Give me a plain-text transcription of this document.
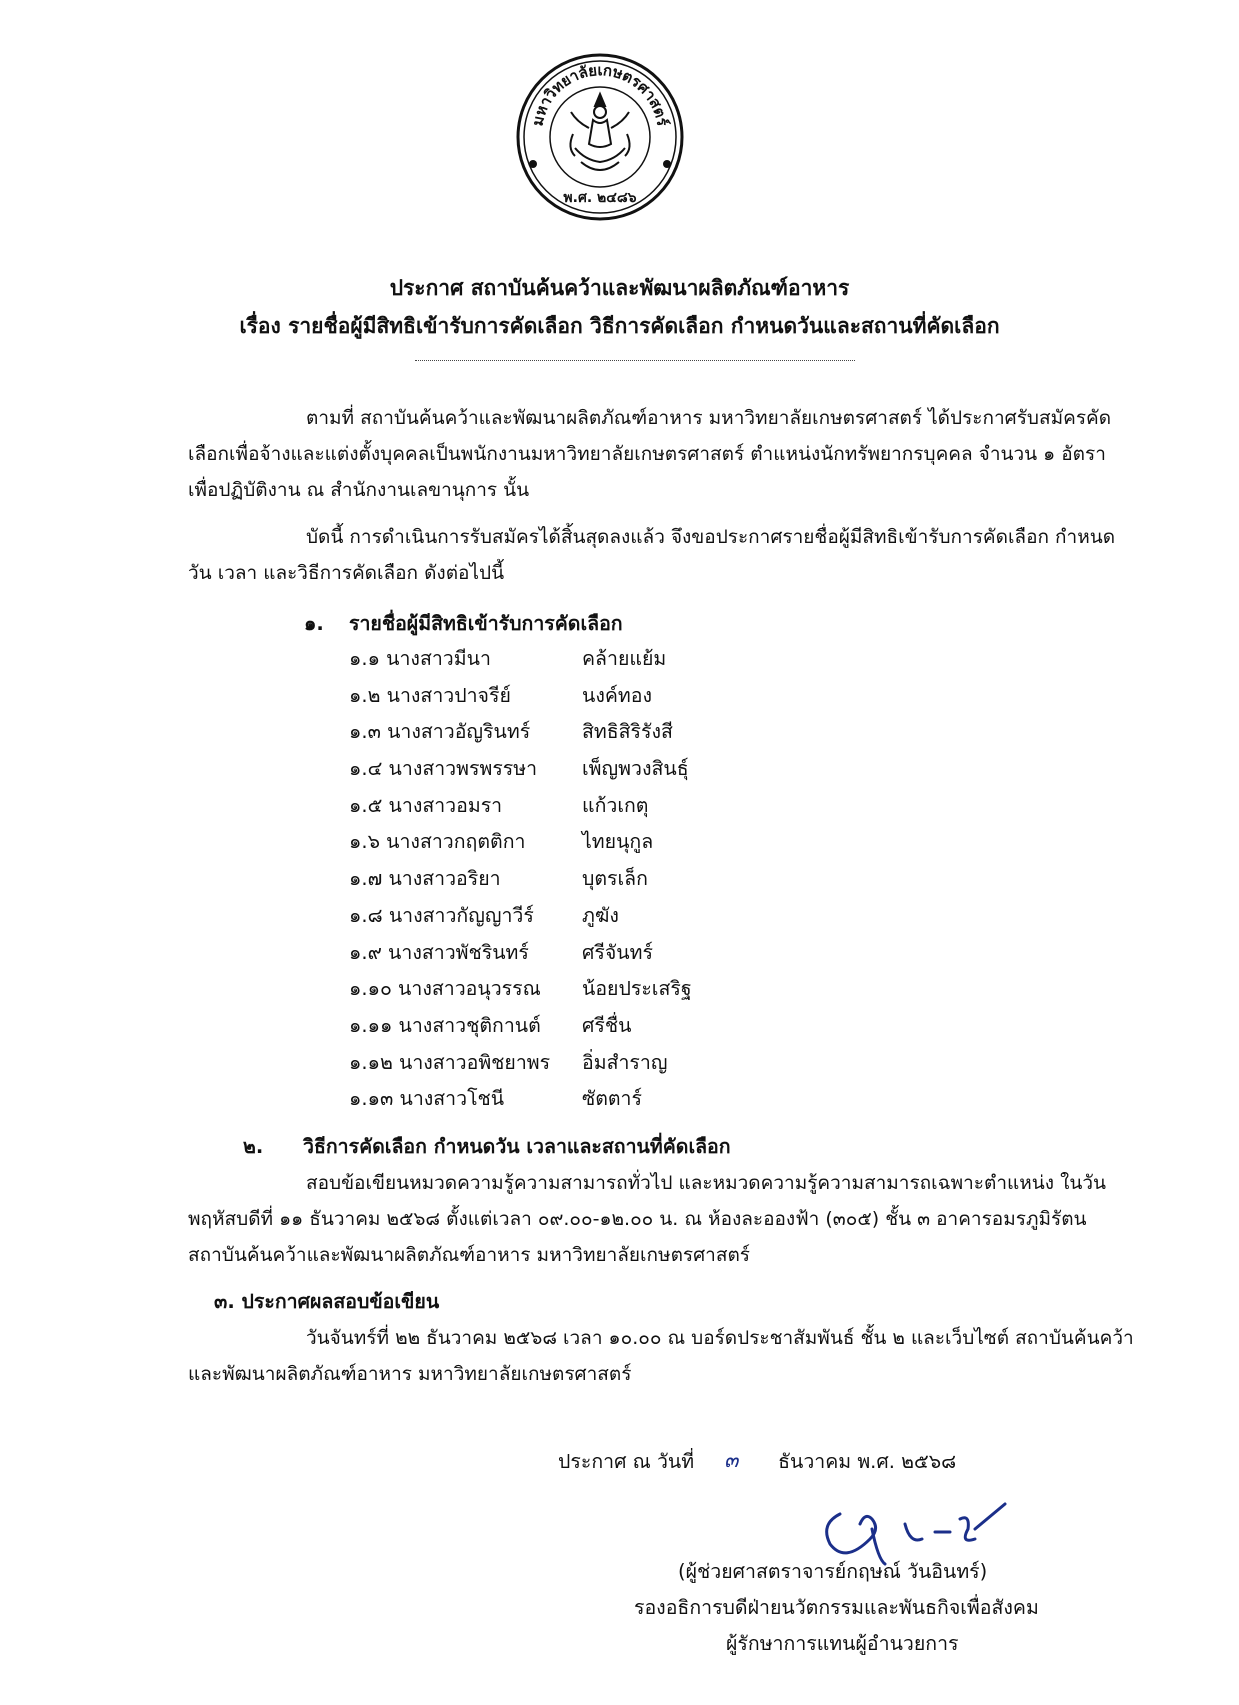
มหาวิทยาลัยเกษตรศาสตร์
พ.ศ. ๒๔๘๖
ประกาศ สถาบันค้นคว้าและพัฒนาผลิตภัณฑ์อาหาร
เรื่อง รายชื่อผู้มีสิทธิเข้ารับการคัดเลือก วิธีการคัดเลือก กำหนดวันและสถานที่คัดเลือก
ตามที่ สถาบันค้นคว้าและพัฒนาผลิตภัณฑ์อาหาร มหาวิทยาลัยเกษตรศาสตร์ ได้ประกาศรับสมัครคัดเลือกเพื่อจ้างและแต่งตั้งบุคคลเป็นพนักงานมหาวิทยาลัยเกษตรศาสตร์ ตำแหน่งนักทรัพยากรบุคคล จำนวน ๑ อัตรา เพื่อปฏิบัติงาน ณ สำนักงานเลขานุการ นั้น
บัดนี้ การดำเนินการรับสมัครได้สิ้นสุดลงแล้ว จึงขอประกาศรายชื่อผู้มีสิทธิเข้ารับการคัดเลือก กำหนดวัน เวลา และวิธีการคัดเลือก ดังต่อไปนี้
๑. รายชื่อผู้มีสิทธิเข้ารับการคัดเลือก
๑.๑ นางสาวมีนา	คล้ายแย้ม
๑.๒ นางสาวปาจรีย์	นงค์ทอง
๑.๓ นางสาวอัญรินทร์	สิทธิสิริรังสี
๑.๔ นางสาวพรพรรษา เพ็ญพวงสินธุ์
๑.๕ นางสาวอมรา	แก้วเกตุ
๑.๖ นางสาวกฤตติกา	ไทยนุกูล
๑.๗ นางสาวอริยา	บุตรเล็ก
๑.๘ นางสาวกัญญาวีร์ ภูฆัง
๑.๙ นางสาวพัชรินทร์	ศรีจันทร์
๑.๑๐ นางสาวอนุวรรณ น้อยประเสริฐ
๑.๑๑ นางสาวชุติกานต์ ศรีชื่น
๑.๑๒ นางสาวอพิชยาพร อิ่มสำราญ
๑.๑๓ นางสาวโชนี	ซัตตาร์
๒. วิธีการคัดเลือก กำหนดวัน เวลาและสถานที่คัดเลือก
สอบข้อเขียนหมวดความรู้ความสามารถทั่วไป และหมวดความรู้ความสามารถเฉพาะตำแหน่ง ในวันพฤหัสบดีที่ ๑๑ ธันวาคม ๒๕๖๘ ตั้งแต่เวลา ๐๙.๐๐-๑๒.๐๐ น. ณ ห้องละอองฟ้า (๓๐๕) ชั้น ๓ อาคารอมรภูมิรัตน สถาบันค้นคว้าและพัฒนาผลิตภัณฑ์อาหาร มหาวิทยาลัยเกษตรศาสตร์
๓. ประกาศผลสอบข้อเขียน
วันจันทร์ที่ ๒๒ ธันวาคม ๒๕๖๘ เวลา ๑๐.๐๐ ณ บอร์ดประชาสัมพันธ์ ชั้น ๒ และเว็บไซต์ สถาบันค้นคว้าและพัฒนาผลิตภัณฑ์อาหาร มหาวิทยาลัยเกษตรศาสตร์
ประกาศ ณ วันที่	ธันวาคม พ.ศ. ๒๕๖๘
๓
(ผู้ช่วยศาสตราจารย์กฤษณ์ วันอินทร์)
รองอธิการบดีฝ่ายนวัตกรรมและพันธกิจเพื่อสังคม
ผู้รักษาการแทนผู้อำนวยการ
